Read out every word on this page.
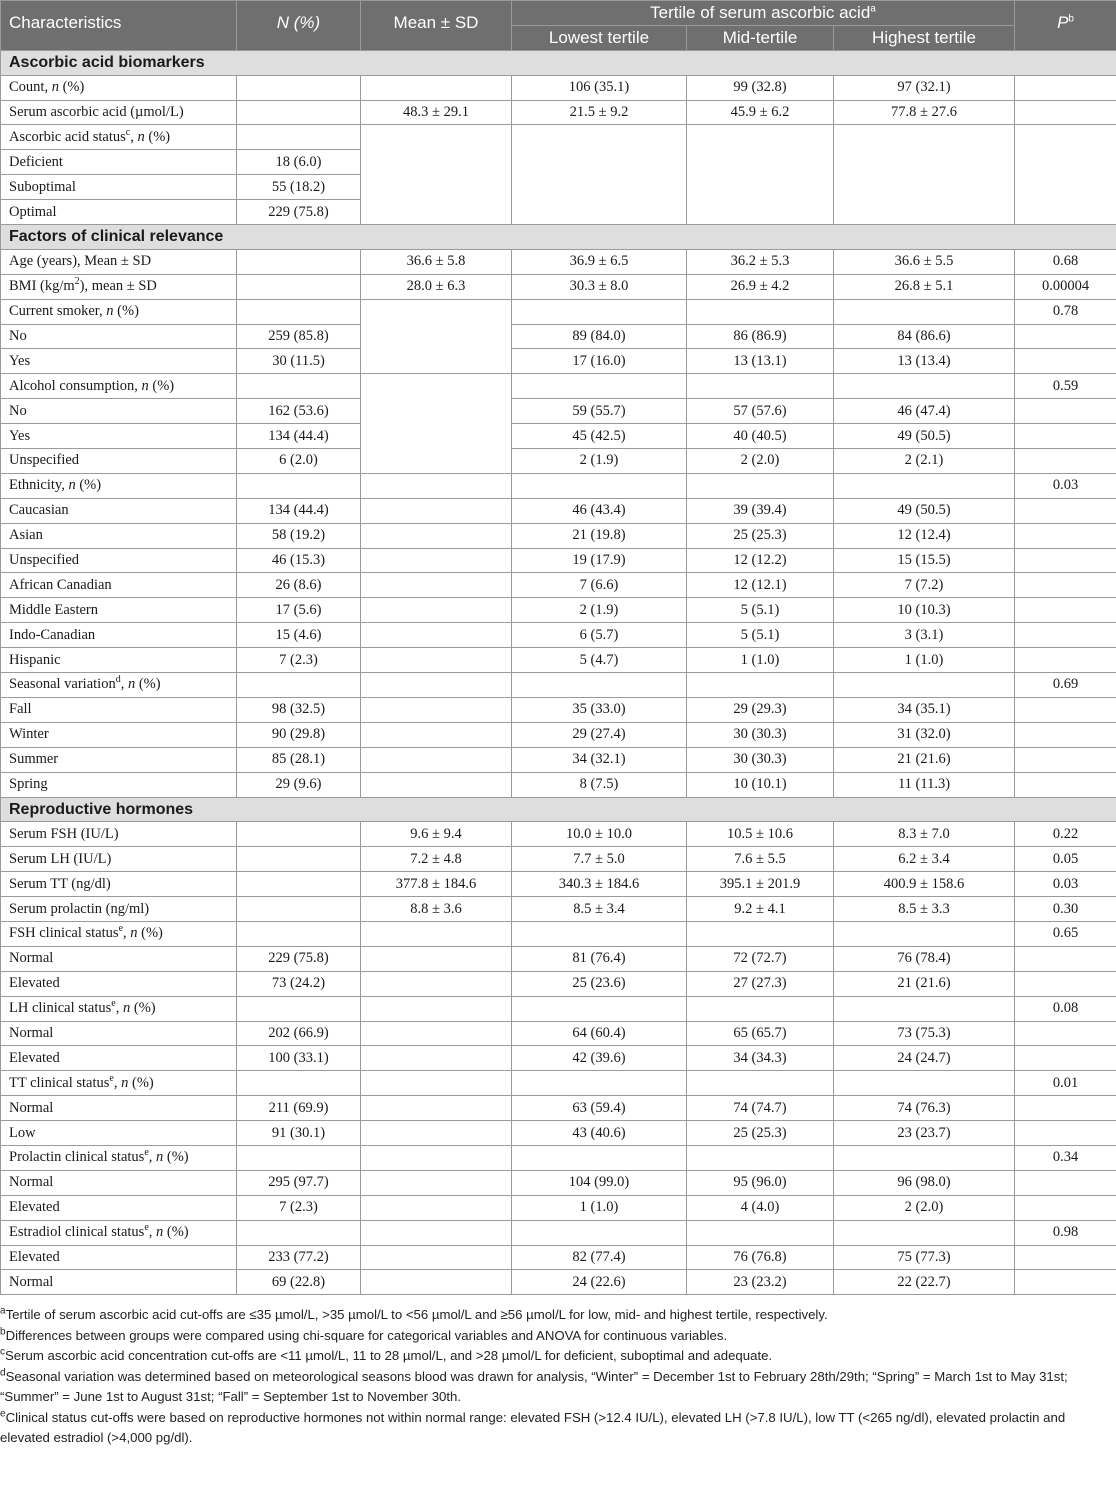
Characteristics	N (%)	Mean ± SD	Tertile of serum ascorbic acid$^a$			$P^b$
			Lowest tertile	Mid-tertile	Highest tertile	
Ascorbic acid biomarkers						
Count, n (%)			106 (35.1)	99 (32.8)	97 (32.1)	
Serum ascorbic acid (µmol/L)		48.3 ± 29.1	21.5 ± 9.2	45.9 ± 6.2	77.8 ± 27.6	
Ascorbic acid status$^c$, n (%)						
Deficient	18 (6.0)					
Suboptimal	55 (18.2)					
Optimal	229 (75.8)					
Factors of clinical relevance						
Age (years), Mean ± SD		36.6 ± 5.8	36.9 ± 6.5	36.2 ± 5.3	36.6 ± 5.5	0.68
BMI $(kg/m^2)$, mean ± SD		28.0 ± 6.3	30.3 ± 8.0	26.9 ± 4.2	26.8 ± 5.1	0.00004
Current smoker, n (%)						0.78
No	259 (85.8)		89 (84.0)	86 (86.9)	84 (86.6)	
Yes	30 (11.5)		17 (16.0)	13 (13.1)	13 (13.4)	
Alcohol consumption, n (%)						0.59
No	162 (53.6)		59 (55.7)	57 (57.6)	46 (47.4)	
Yes	134 (44.4)		45 (42.5)	40 (40.5)	49 (50.5)	
Unspecified	6 (2.0)		2 (1.9)	2 (2.0)	2 (2.1)	
Ethnicity, n (%)						0.03
Caucasian	134 (44.4)		46 (43.4)	39 (39.4)	49 (50.5)	
Asian	58 (19.2)		21 (19.8)	25 (25.3)	12 (12.4)	
Unspecified	46 (15.3)		19 (17.9)	12 (12.2)	15 (15.5)	
African Canadian	26 (8.6)		7 (6.6)	12 (12.1)	7 (7.2)	
Middle Eastern	17 (5.6)		2 (1.9)	5 (5.1)	10 (10.3)	
Indo-Canadian	15 (4.6)		6 (5.7)	5 (5.1)	3 (3.1)	
Hispanic	7 (2.3)		5 (4.7)	1 (1.0)	1 (1.0)	
Seasonal variation$^d$, n (%)						0.69
Fall	98 (32.5)		35 (33.0)	29 (29.3)	34 (35.1)	
Winter	90 (29.8)		29 (27.4)	30 (30.3)	31 (32.0)	
Summer	85 (28.1)		34 (32.1)	30 (30.3)	21 (21.6)	
Spring	29 (9.6)		8 (7.5)	10 (10.1)	11 (11.3)	
Reproductive hormones						
Serum FSH (IU/L)		9.6 ± 9.4	10.0 ± 10.0	10.5 ± 10.6	8.3 ± 7.0	0.22
Serum LH (IU/L)		7.2 ± 4.8	7.7 ± 5.0	7.6 ± 5.5	6.2 ± 3.4	0.05
Serum TT (ng/dl)		377.8 ± 184.6	340.3 ± 184.6	395.1 ± 201.9	400.9 ± 158.6	0.03
Serum prolactin (ng/ml)		8.8 ± 3.6	8.5 ± 3.4	9.2 ± 4.1	8.5 ± 3.3	0.30
FSH clinical status$^e$, n (%)						0.65
Normal	229 (75.8)		81 (76.4)	72 (72.7)	76 (78.4)	
Elevated	73 (24.2)		25 (23.6)	27 (27.3)	21 (21.6)	
LH clinical status$^e$, n (%)						0.08
Normal	202 (66.9)		64 (60.4)	65 (65.7)	73 (75.3)	
Elevated	100 (33.1)		42 (39.6)	34 (34.3)	24 (24.7)	
TT clinical status$^e$, n (%)						0.01
Normal	211 (69.9)		63 (59.4)	74 (74.7)	74 (76.3)	
Low	91 (30.1)		43 (40.6)	25 (25.3)	23 (23.7)	
Prolactin clinical status$^e$, n (%)						0.34
Normal	295 (97.7)		104 (99.0)	95 (96.0)	96 (98.0)	
Elevated	7 (2.3)		1 (1.0)	4 (4.0)	2 (2.0)	
Estradiol clinical status$^e$, n (%)						0.98
Elevated	233 (77.2)		82 (77.4)	76 (76.8)	75 (77.3)	
Normal	69 (22.8)		24 (22.6)	23 (23.2)	22 (22.7)	

$^a$Tertile of serum ascorbic acid cut-offs are ≤35 µmol/L, >35 µmol/L to <56 µmol/L and ≥56 µmol/L for low, mid- and highest tertile, respectively.

$^b$Differences between groups were compared using chi-square for categorical variables and ANOVA for continuous variables.

$^c$Serum ascorbic acid concentration cut-offs are <11 µmol/L, 11 to 28 µmol/L, and >28 µmol/L for deficient, suboptimal and adequate.

$^d$Seasonal variation was determined based on meteorological seasons blood was drawn for analysis, “Winter” = December 1st to February 28th/29th; “Spring” = March 1st to May 31st; “Summer” = June 1st to August 31st; “Fall” = September 1st to November 30th.

$^e$Clinical status cut-offs were based on reproductive hormones not within normal range: elevated FSH (>12.4 IU/L), elevated LH (>7.8 IU/L), low TT (<265 ng/dl), elevated prolactin and elevated estradiol (>4,000 pg/dl).
